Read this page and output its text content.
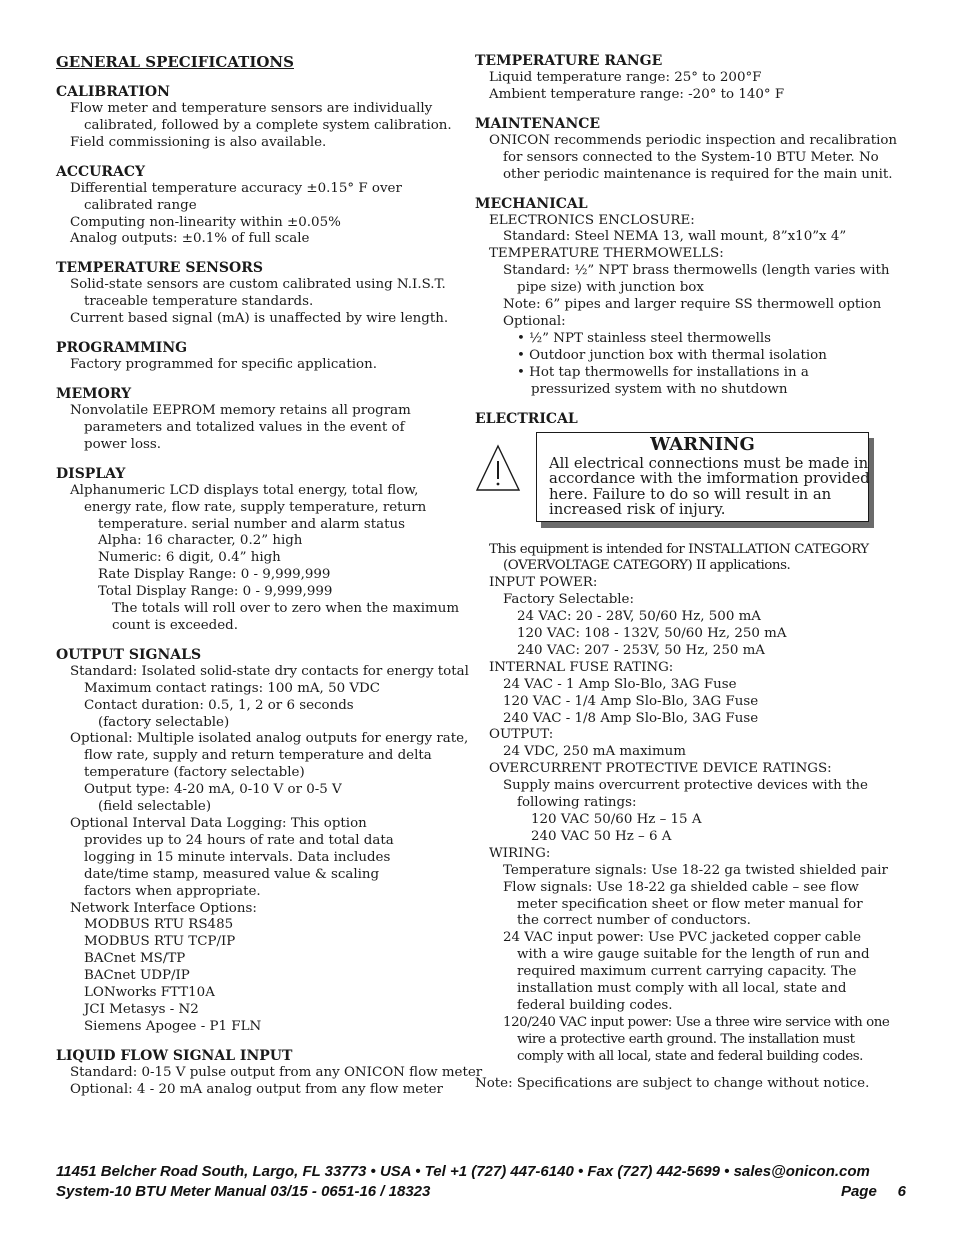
GENERAL SPECIFICATIONS
CALIBRATION
Flow meter and temperature sensors are individually
calibrated, followed by a complete system calibration.
Field commissioning is also available.
ACCURACY
Differential temperature accuracy ±0.15° F over
calibrated range
Computing non-linearity within ±0.05%
Analog outputs: ±0.1% of full scale
TEMPERATURE SENSORS
Solid-state sensors are custom calibrated using N.I.S.T.
traceable temperature standards.
Current based signal (mA) is unaffected by wire length.
PROGRAMMING
Factory programmed for specific application.
MEMORY
Nonvolatile EEPROM memory retains all program
parameters and totalized values in the event of
power loss.
DISPLAY
Alphanumeric LCD displays total energy, total flow,
energy rate, flow rate, supply temperature, return
temperature. serial number and alarm status
Alpha: 16 character, 0.2” high
Numeric: 6 digit, 0.4” high
Rate Display Range: 0 - 9,999,999
Total Display Range: 0 - 9,999,999
The totals will roll over to zero when the maximum
count is exceeded.
OUTPUT SIGNALS
Standard: Isolated solid-state dry contacts for energy total
Maximum contact ratings: 100 mA, 50 VDC
Contact duration: 0.5, 1, 2 or 6 seconds
(factory selectable)
Optional: Multiple isolated analog outputs for energy rate,
flow rate, supply and return temperature and delta
temperature (factory selectable)
Output type: 4-20 mA, 0-10 V or 0-5 V
(field selectable)
Optional Interval Data Logging: This option
provides up to 24 hours of rate and total data
logging in 15 minute intervals. Data includes
date/time stamp, measured value & scaling
factors when appropriate.
Network Interface Options:
MODBUS RTU RS485
MODBUS RTU TCP/IP
BACnet MS/TP
BACnet UDP/IP
LONworks FTT10A
JCI Metasys - N2
Siemens Apogee - P1 FLN
LIQUID FLOW SIGNAL INPUT
Standard: 0-15 V pulse output from any ONICON flow meter
Optional: 4 - 20 mA analog output from any flow meter
TEMPERATURE RANGE
Liquid temperature range: 25° to 200°F
Ambient temperature range: -20° to 140° F
MAINTENANCE
ONICON recommends periodic inspection and recalibration
for sensors connected to the System-10 BTU Meter. No
other periodic maintenance is required for the main unit.
MECHANICAL
ELECTRONICS ENCLOSURE:
Standard: Steel NEMA 13, wall mount, 8”x10”x 4”
TEMPERATURE THERMOWELLS:
Standard: ½” NPT brass thermowells (length varies with
pipe size) with junction box
Note: 6” pipes and larger require SS thermowell option
Optional:
• ½” NPT stainless steel thermowells
• Outdoor junction box with thermal isolation
• Hot tap thermowells for installations in a
pressurized system with no shutdown
ELECTRICAL
WARNING
All electrical connections must be made in
accordance with the imformation provided
here. Failure to do so will result in an
increased risk of injury.
This equipment is intended for INSTALLATION CATEGORY
(OVERVOLTAGE CATEGORY) II applications.
INPUT POWER:
Factory Selectable:
24 VAC: 20 - 28V, 50/60 Hz, 500 mA
120 VAC: 108 - 132V, 50/60 Hz, 250 mA
240 VAC: 207 - 253V, 50 Hz, 250 mA
INTERNAL FUSE RATING:
24 VAC - 1 Amp Slo-Blo, 3AG Fuse
120 VAC - 1/4 Amp Slo-Blo, 3AG Fuse
240 VAC - 1/8 Amp Slo-Blo, 3AG Fuse
OUTPUT:
24 VDC, 250 mA maximum
OVERCURRENT PROTECTIVE DEVICE RATINGS:
Supply mains overcurrent protective devices with the
following ratings:
120 VAC 50/60 Hz – 15 A
240 VAC 50 Hz – 6 A
WIRING:
Temperature signals: Use 18-22 ga twisted shielded pair
Flow signals: Use 18-22 ga shielded cable – see flow
meter specification sheet or flow meter manual for
the correct number of conductors.
24 VAC input power: Use PVC jacketed copper cable
with a wire gauge suitable for the length of run and
required maximum current carrying capacity. The
installation must comply with all local, state and
federal building codes.
120/240 VAC input power: Use a three wire service with one
wire a protective earth ground. The installation must
comply with all local, state and federal building codes.
Note: Specifications are subject to change without notice.
11451 Belcher Road South, Largo, FL 33773 • USA • Tel +1 (727) 447-6140 • Fax (727) 442-5699 • sales@onicon.com
System-10 BTU Meter Manual 03/15 - 0651-16 / 18323	Page 6
